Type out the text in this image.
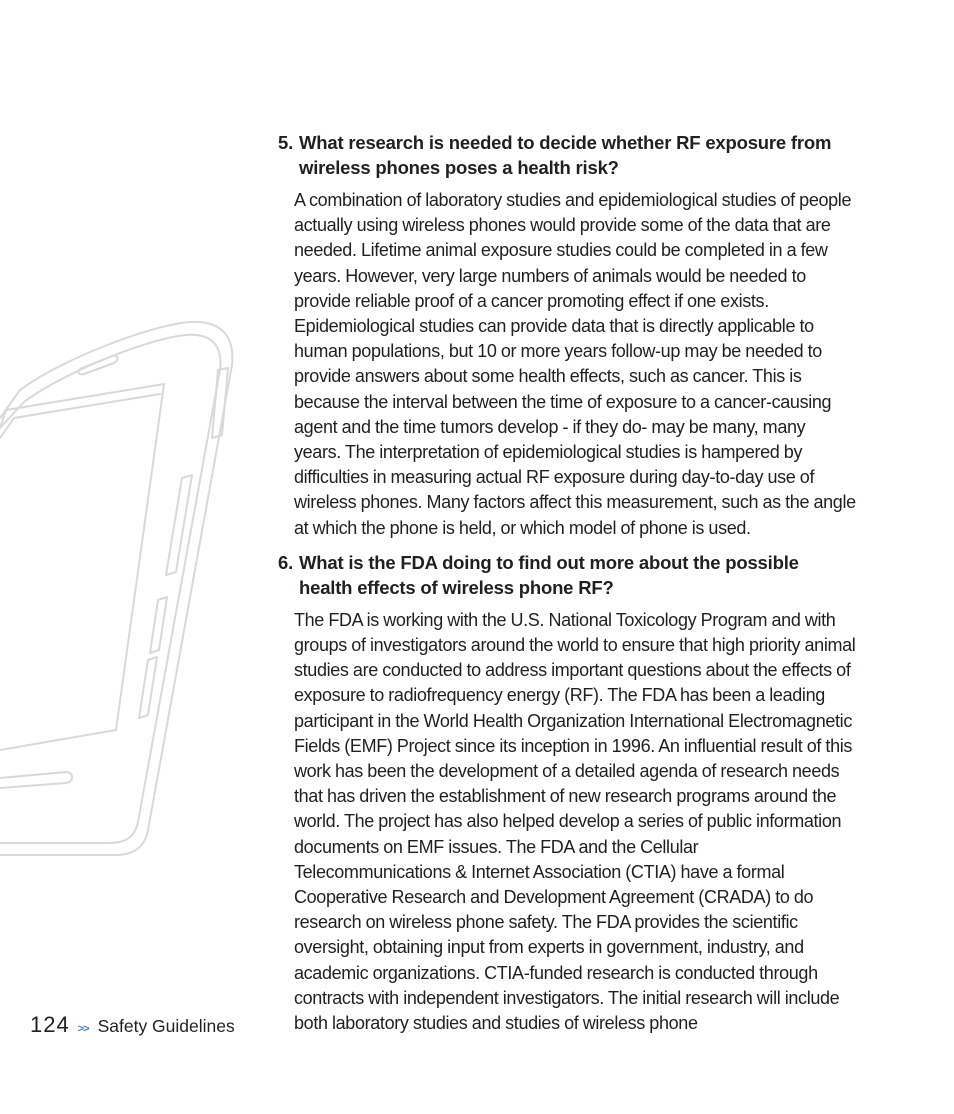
5. What research is needed to decide whether RF exposure from wireless phones poses a health risk?

A combination of laboratory studies and epidemiological studies of people actually using wireless phones would provide some of the data that are needed. Lifetime animal exposure studies could be completed in a few years. However, very large numbers of animals would be needed to provide reliable proof of a cancer promoting effect if one exists. Epidemiological studies can provide data that is directly applicable to human populations, but 10 or more years follow-up may be needed to provide answers about some health effects, such as cancer. This is because the interval between the time of exposure to a cancer-causing agent and the time tumors develop - if they do- may be many, many years. The interpretation of epidemiological studies is hampered by difficulties in measuring actual RF exposure during day-to-day use of wireless phones. Many factors affect this measurement, such as the angle at which the phone is held, or which model of phone is used.

6. What is the FDA doing to find out more about the possible health effects of wireless phone RF?

The FDA is working with the U.S. National Toxicology Program and with groups of investigators around the world to ensure that high priority animal studies are conducted to address important questions about the effects of exposure to radiofrequency energy (RF). The FDA has been a leading participant in the World Health Organization International Electromagnetic Fields (EMF) Project since its inception in 1996. An influential result of this work has been the development of a detailed agenda of research needs that has driven the establishment of new research programs around the world. The project has also helped develop a series of public information documents on EMF issues. The FDA and the Cellular Telecommunications & Internet Association (CTIA) have a formal Cooperative Research and Development Agreement (CRADA) to do research on wireless phone safety. The FDA provides the scientific oversight, obtaining input from experts in government, industry, and academic organizations. CTIA-funded research is conducted through contracts with independent investigators. The initial research will include both laboratory studies and studies of wireless phone

124 >> Safety Guidelines
